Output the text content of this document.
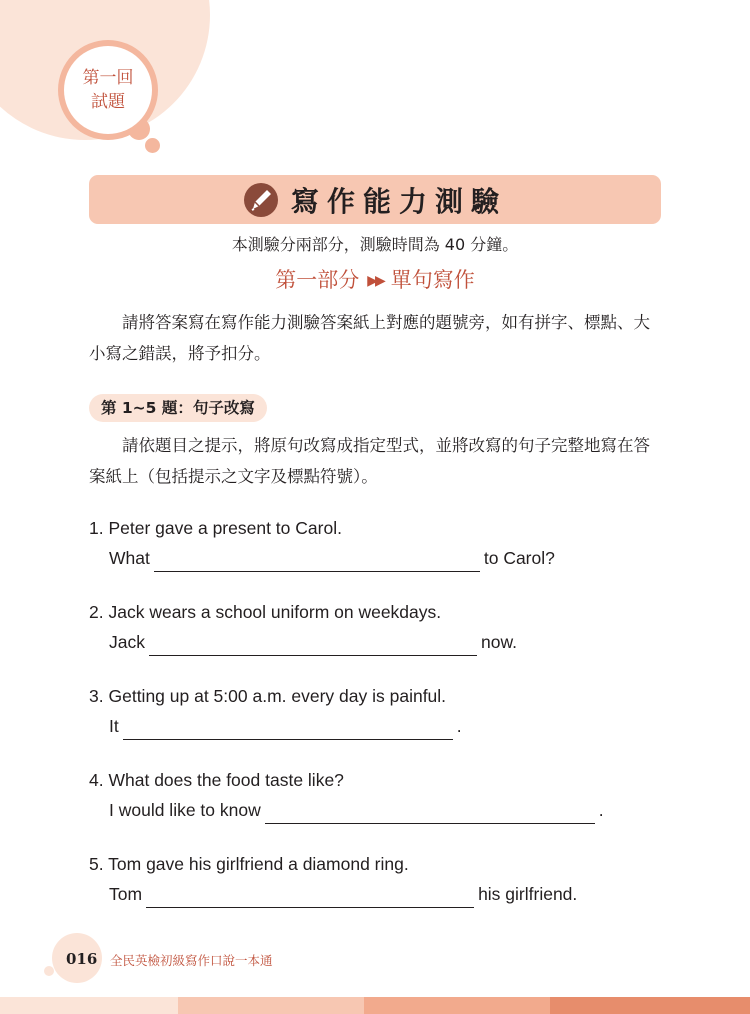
第一回
試題
寫作能力測驗
本測驗分兩部分，測驗時間為 40 分鐘。
第一部分 ▶▶ 單句寫作

請將答案寫在寫作能力測驗答案紙上對應的題號旁，如有拼字、標點、大小寫之錯誤，將予扣分。

第 1~5 題：句子改寫

請依題目之提示，將原句改寫成指定型式，並將改寫的句子完整地寫在答案紙上（包括提示之文字及標點符號）。

1. Peter gave a present to Carol.
What	to Carol?
2. Jack wears a school uniform on weekdays.
Jack	now.
3. Getting up at 5:00 a.m. every day is painful.
It	.
4. What does the food taste like?
I would like to know	.
5. Tom gave his girlfriend a diamond ring.
Tom	his girlfriend.
016 全民英檢初級寫作口說一本通
